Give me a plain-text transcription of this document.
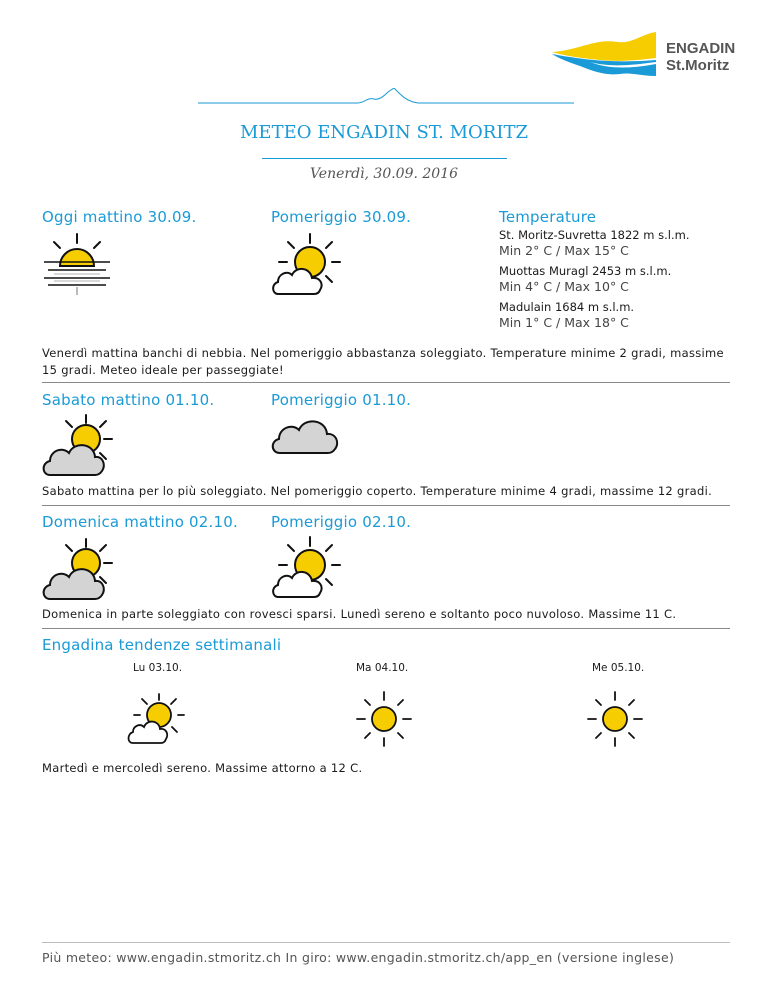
ENGADIN
St.Moritz
METEO ENGADIN ST. MORITZ
Venerdì, 30.09. 2016
Oggi mattino 30.09.	Pomeriggio 30.09.	Temperature
St. Moritz-Suvretta 1822 m s.l.m.
Min 2° C / Max 15° C
Muottas Muragl 2453 m s.l.m.
Min 4° C / Max 10° C
Madulain 1684 m s.l.m.
Min 1° C / Max 18° C
Venerdì mattina banchi di nebbia. Nel pomeriggio abbastanza soleggiato. Temperature minime 2 gradi, massime 15 gradi. Meteo ideale per passeggiate!
Sabato mattino 01.10.	Pomeriggio 01.10.
Sabato mattina per lo più soleggiato. Nel pomeriggio coperto. Temperature minime 4 gradi, massime 12 gradi.
Domenica mattino 02.10. Pomeriggio 02.10.
Domenica in parte soleggiato con rovesci sparsi. Lunedì sereno e soltanto poco nuvoloso. Massime 11 C.
Engadina tendenze settimanali
Lu 03.10.	Ma 04.10.	Me 05.10.
Martedì e mercoledì sereno. Massime attorno a 12 C.
Più meteo: www.engadin.stmoritz.ch In giro: www.engadin.stmoritz.ch/app_en (versione inglese)
